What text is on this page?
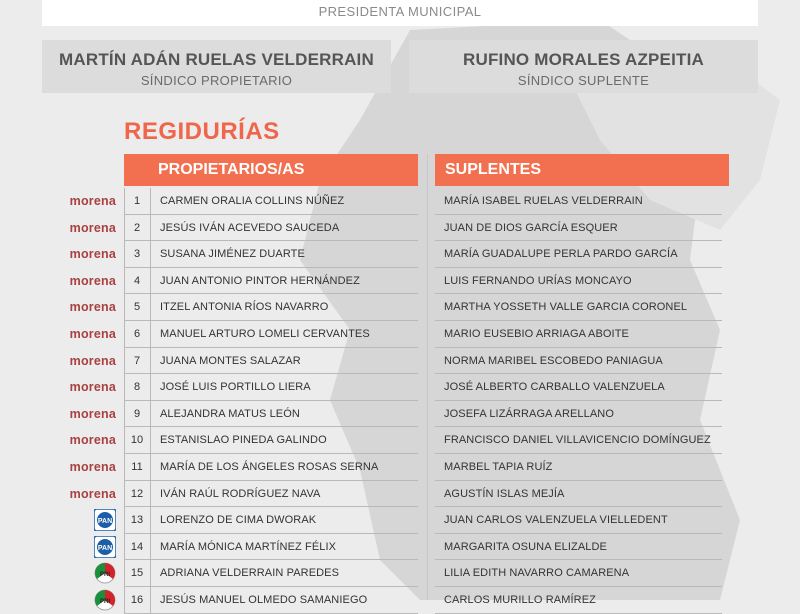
PRESIDENTA MUNICIPAL
MARTÍN ADÁN RUELAS VELDERRAIN
SÍNDICO PROPIETARIO
RUFINO MORALES AZPEITIA
SÍNDICO SUPLENTE
REGIDURÍAS
PROPIETARIOS/AS	SUPLENTES
morena	1	CARMEN ORALIA COLLINS NÚÑEZ	MARÍA ISABEL RUELAS VELDERRAIN
morena	2	JESÚS IVÁN ACEVEDO SAUCEDA	JUAN DE DIOS GARCÍA ESQUER
morena	3	SUSANA JIMÉNEZ DUARTE	MARÍA GUADALUPE PERLA PARDO GARCÍA
morena	4	JUAN ANTONIO PINTOR HERNÁNDEZ	LUIS FERNANDO URÍAS MONCAYO
morena	5	ITZEL ANTONIA RÍOS NAVARRO	MARTHA YOSSETH VALLE GARCIA CORONEL
morena	6	MANUEL ARTURO LOMELI CERVANTES	MARIO EUSEBIO ARRIAGA ABOITE
morena	7	JUANA MONTES SALAZAR	NORMA MARIBEL ESCOBEDO PANIAGUA
morena	8	JOSÉ LUIS PORTILLO LIERA	JOSÉ ALBERTO CARBALLO VALENZUELA
morena	9	ALEJANDRA MATUS LEÓN	JOSEFA LIZÁRRAGA ARELLANO
morena	10	ESTANISLAO PINEDA GALINDO	FRANCISCO DANIEL VILLAVICENCIO DOMÍNGUEZ
morena	11	MARÍA DE LOS ÁNGELES ROSAS SERNA	MARBEL TAPIA RUÍZ
morena	12	IVÁN RAÚL RODRÍGUEZ NAVA	AGUSTÍN ISLAS MEJÍA
PAN	13	LORENZO DE CIMA DWORAK	JUAN CARLOS VALENZUELA VIELLEDENT
PAN	14	MARÍA MÓNICA MARTÍNEZ FÉLIX	MARGARITA OSUNA ELIZALDE
PRI	15	ADRIANA VELDERRAIN PAREDES	LILIA EDITH NAVARRO CAMARENA
PRI	16	JESÚS MANUEL OLMEDO SAMANIEGO	CARLOS MURILLO RAMÍREZ
